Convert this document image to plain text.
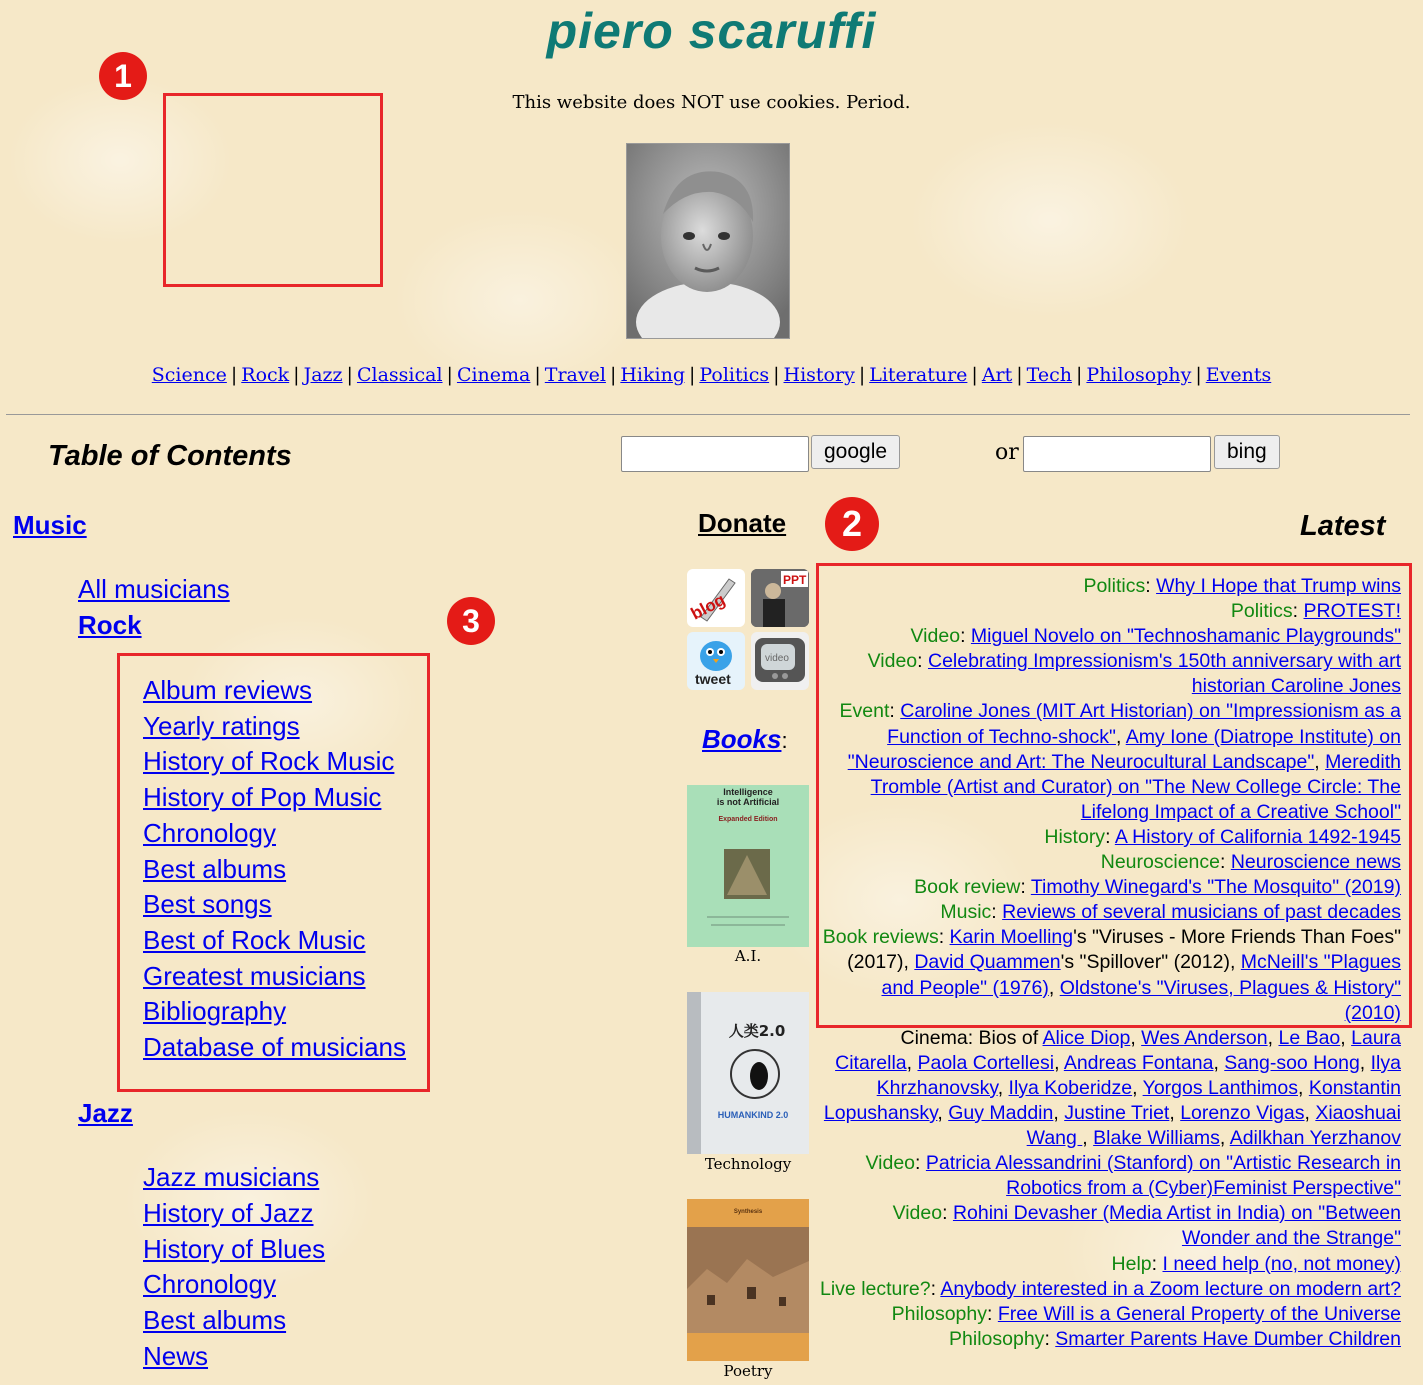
piero scaruffi
This website does NOT use cookies. Period.
1
Science | Rock | Jazz | Classical | Cinema | Travel | Hiking | Politics | History | Literature | Art | Tech | Philosophy | Events
Table of Contents	google	or	bing
Music
All musicians
Rock	3
Album reviews
Yearly ratings
History of Rock Music
History of Pop Music
Chronology
Best albums
Best songs
Best of Rock Music
Greatest musicians
Bibliography
Database of musicians
Jazz
Jazz musicians
History of Jazz
History of Blues
Chronology
Best albums
News
Donate	2	Latest
blog
PPT
tweet
video
Books:
Intelligence
is not Artificial
Expanded Edition
A.I.
人类2.0
HUMANKIND 2.0
Technology
Synthesis
Poetry
Politics: Why I Hope that Trump wins
Politics: PROTEST!
Video: Miguel Novelo on "Technoshamanic Playgrounds"
Video: Celebrating Impressionism's 150th anniversary with art historian Caroline Jones
Event: Caroline Jones (MIT Art Historian) on "Impressionism as a Function of Techno-shock", Amy Ione (Diatrope Institute) on "Neuroscience and Art: The Neurocultural Landscape", Meredith Tromble (Artist and Curator) on "The New College Circle: The Lifelong Impact of a Creative School"
History: A History of California 1492-1945
Neuroscience: Neuroscience news
Book review: Timothy Winegard's "The Mosquito" (2019)
Music: Reviews of several musicians of past decades
Book reviews: Karin Moelling's "Viruses - More Friends Than Foes" (2017), David Quammen's "Spillover" (2012), McNeill's "Plagues and People" (1976), Oldstone's "Viruses, Plagues & History" (2010)
Cinema: Bios of Alice Diop, Wes Anderson, Le Bao, Laura Citarella, Paola Cortellesi, Andreas Fontana, Sang-soo Hong, Ilya Khrzhanovsky, Ilya Koberidze, Yorgos Lanthimos, Konstantin Lopushansky, Guy Maddin, Justine Triet, Lorenzo Vigas, Xiaoshuai Wang , Blake Williams, Adilkhan Yerzhanov
Video: Patricia Alessandrini (Stanford) on "Artistic Research in Robotics from a (Cyber)Feminist Perspective"
Video: Rohini Devasher (Media Artist in India) on "Between Wonder and the Strange"
Help: I need help (no, not money)
Live lecture?: Anybody interested in a Zoom lecture on modern art?
Philosophy: Free Will is a General Property of the Universe
Philosophy: Smarter Parents Have Dumber Children
